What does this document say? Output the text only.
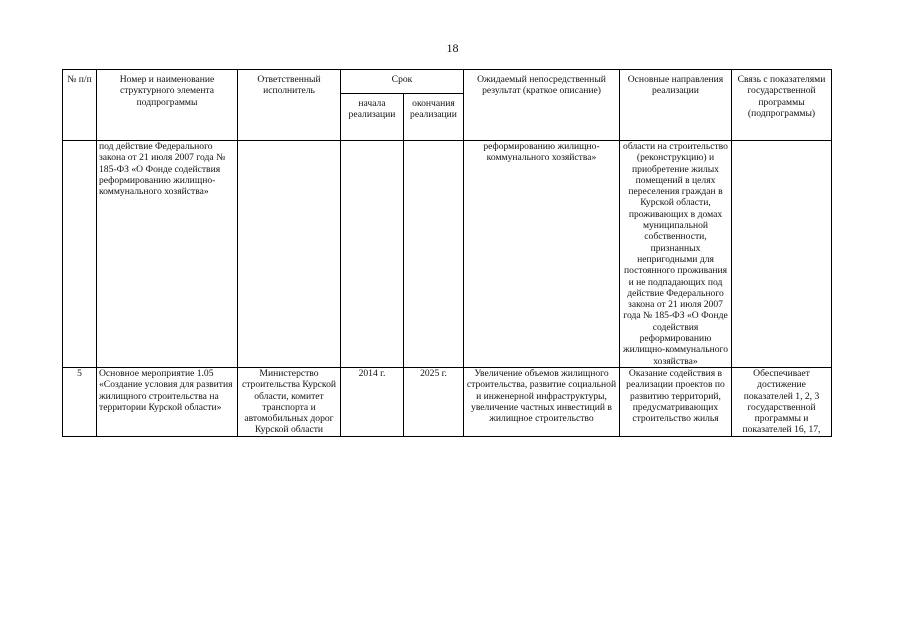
18
№ п/п	Номер и наименование структурного элемента подпрограммы	Ответственный исполнитель	Срок		Ожидаемый непосредственный результат (краткое описание)	Основные направления реализации	Связь с показателями государственной программы (подпрограммы)
			начала реализации	окончания реализации			
	под действие Федерального закона от 21 июля 2007 года № 185-ФЗ «О Фонде содействия реформированию жилищно-коммунального хозяйства»				реформированию жилищно-коммунального хозяйства»	области на строительство (реконструкцию) и приобретение жилых помещений в целях переселения граждан в Курской области, проживающих в домах муниципальной собственности, признанных непригодными для постоянного проживания и не подпадающих под действие Федерального закона от 21 июля 2007 года № 185-ФЗ «О Фонде содействия реформированию жилищно-коммунального хозяйства»	
5	Основное мероприятие 1.05 «Создание условия для развития жилищного строительства на территории Курской области»	Министерство строительства Курской области, комитет транспорта и автомобильных дорог Курской области	2014 г.	2025 г.	Увеличение объемов жилищного строительства, развитие социальной и инженерной инфраструктуры, увеличение частных инвестиций в жилищное строительство	Оказание содействия в реализации проектов по развитию территорий, предусматривающих строительство жилья	Обеспечивает достижение показателей 1, 2, 3 государственной программы и показателей 16, 17,
